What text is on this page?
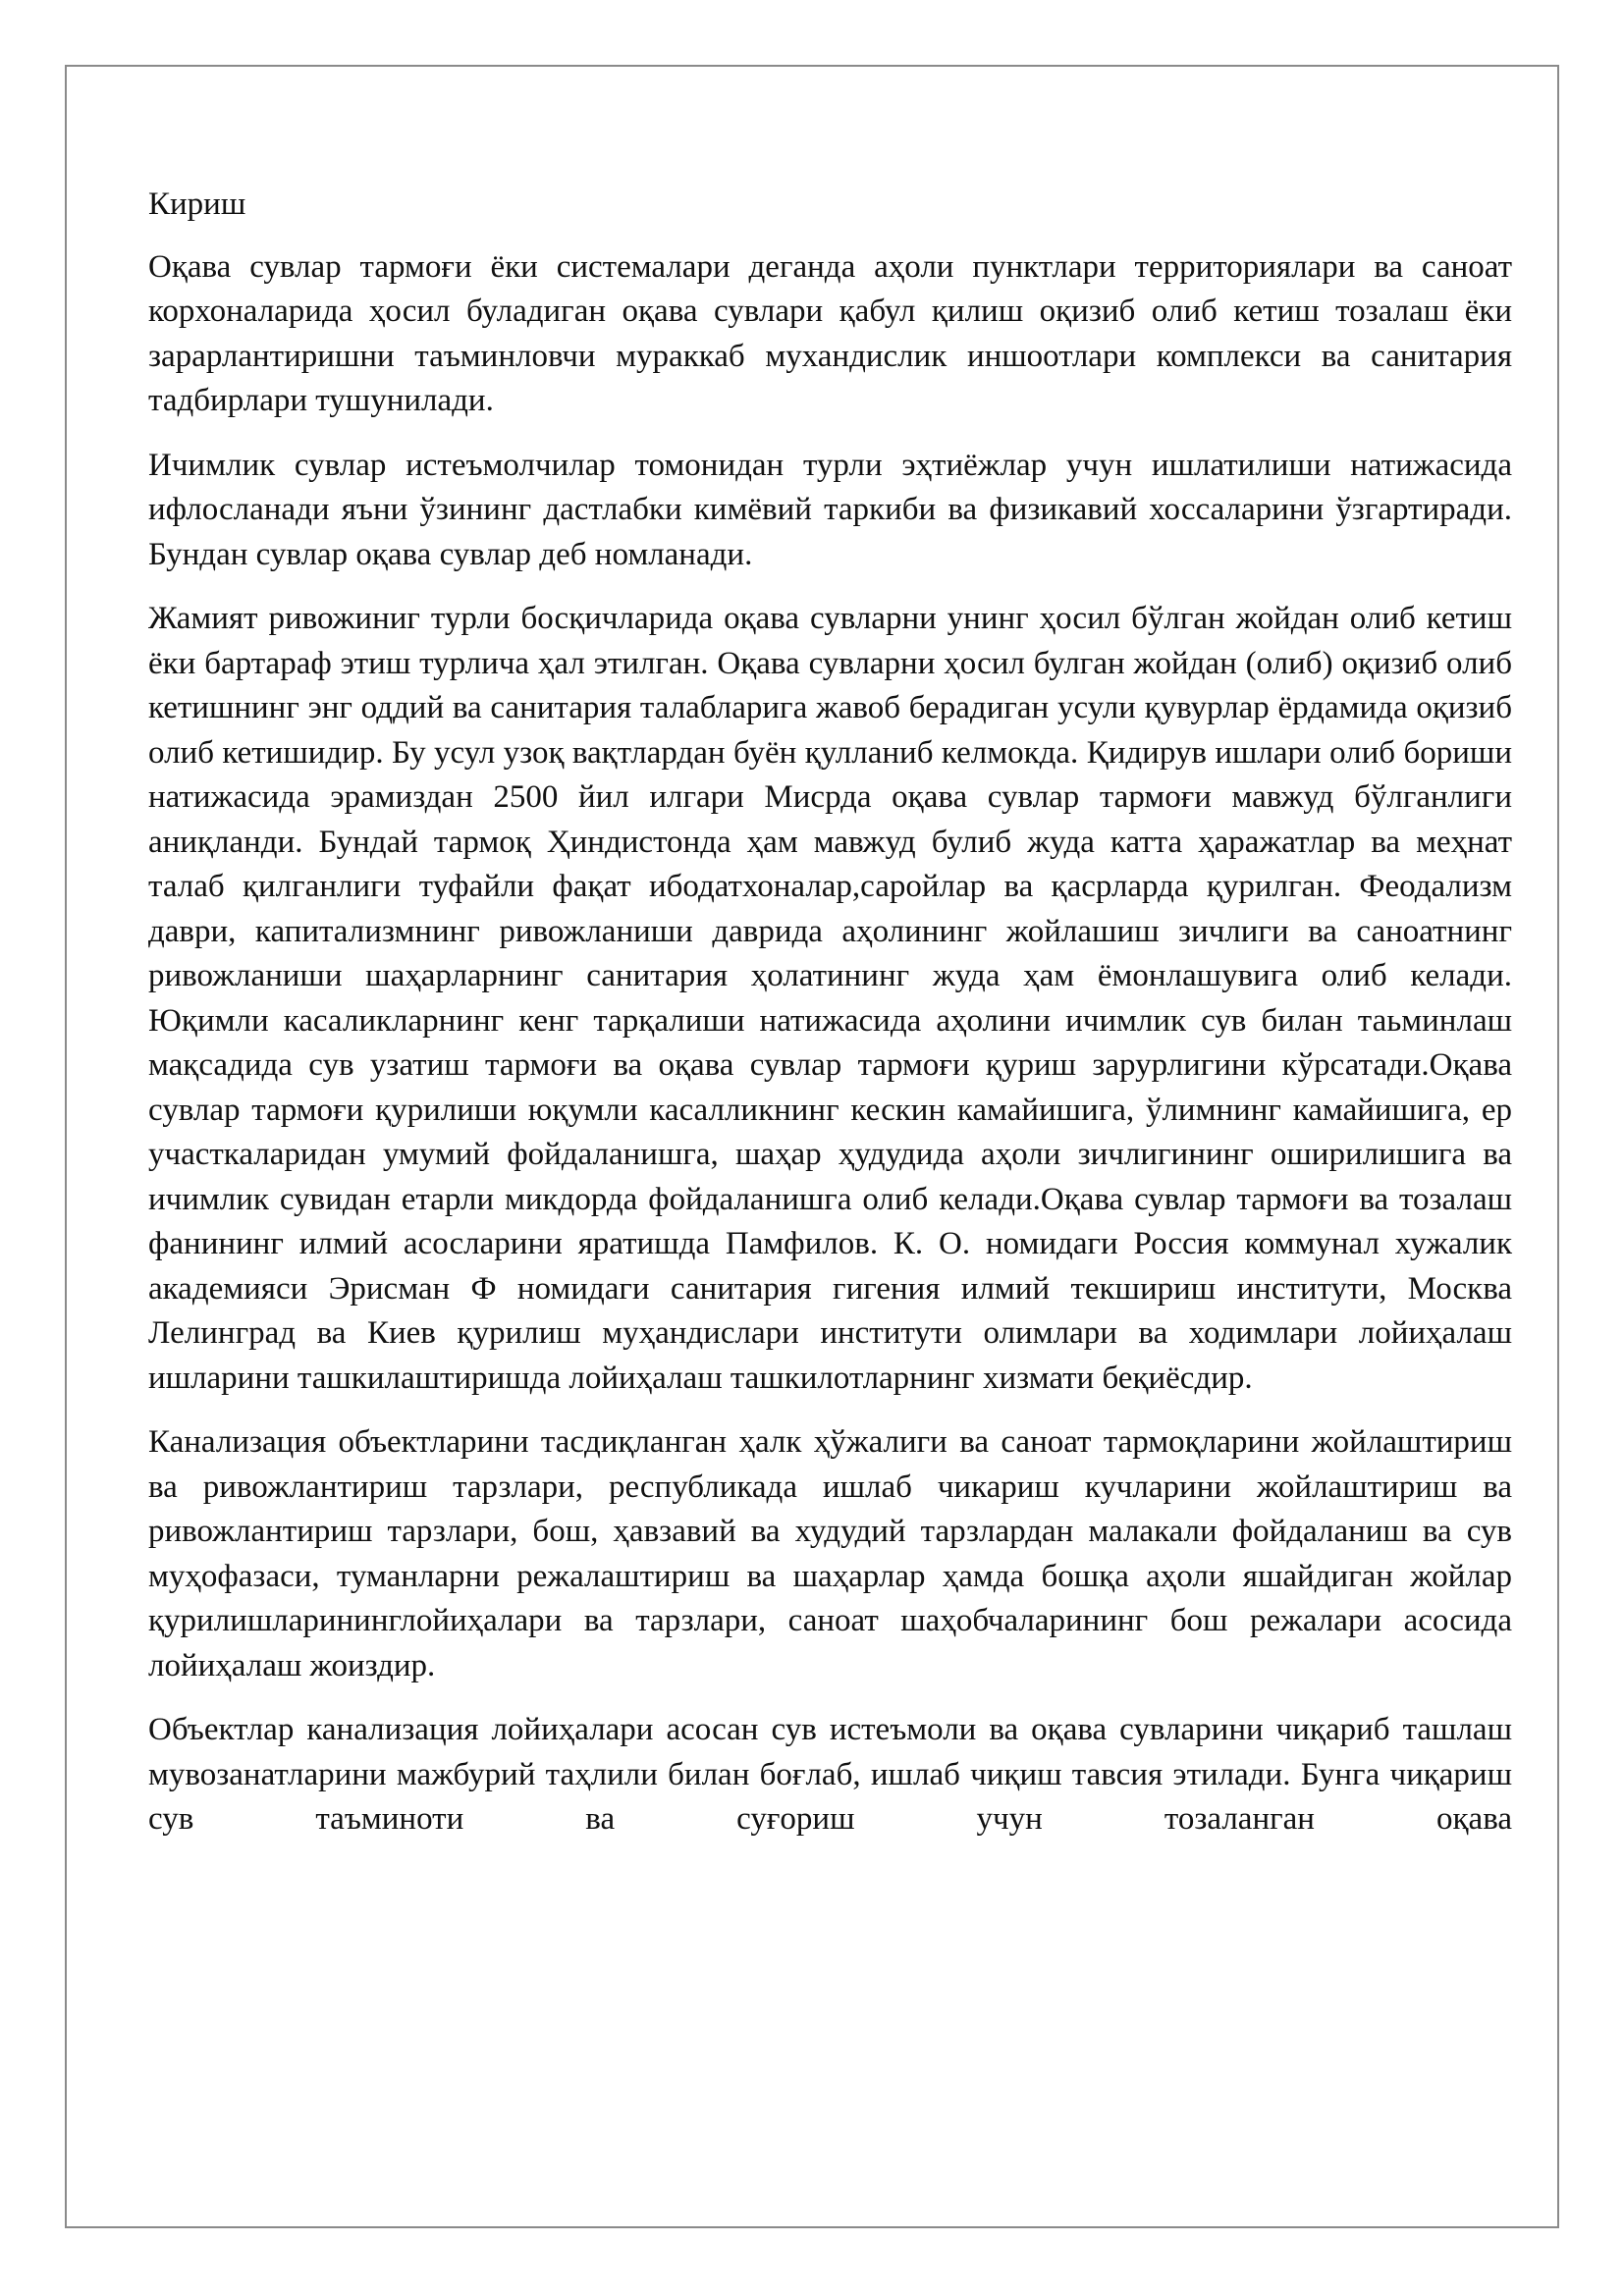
Кириш

Оқава сувлар тармоғи ёки системалари деганда аҳоли пунктлари территориялари ва саноат корхоналарида ҳосил буладиган оқава сувлари қабул қилиш оқизиб олиб кетиш тозалаш ёки зарарлантиришни таъминловчи мураккаб мухандислик иншоотлари комплекси ва санитария тадбирлари тушунилади.

Ичимлик сувлар истеъмолчилар томонидан турли эҳтиёжлар учун ишлатилиши натижасида ифлосланади яъни ўзининг дастлабки кимёвий таркиби ва физикавий хоссаларини ўзгартиради. Бундан сувлар оқава сувлар деб номланади.

Жамият ривожиниг турли босқичларида оқава сувларни унинг ҳосил бўлган жойдан олиб кетиш ёки бартараф этиш турлича ҳал этилган. Оқава сувларни ҳосил булган жойдан (олиб) оқизиб олиб кетишнинг энг оддий ва санитария талабларига жавоб берадиган усули қувурлар ёрдамида оқизиб олиб кетишидир. Бу усул узоқ вақтлардан буён қулланиб келмокда. Қидирув ишлари олиб бориши натижасида эрамиздан 2500 йил илгари Мисрда оқава сувлар тармоғи мавжуд бўлганлиги аниқланди. Бундай тармоқ Ҳиндистонда ҳам мавжуд булиб жуда катта ҳаражатлар ва меҳнат талаб қилганлиги туфайли фақат ибодатхоналар,саройлар ва қасрларда қурилган. Феодализм даври, капитализмнинг ривожланиши даврида аҳолининг жойлашиш зичлиги ва саноатнинг ривожланиши шаҳарларнинг санитария ҳолатининг жуда ҳам ёмонлашувига олиб келади. Юқимли касаликларнинг кенг тарқалиши натижасида аҳолини ичимлик сув билан таьминлаш мақсадида сув узатиш тармоғи ва оқава сувлар тармоғи қуриш зарурлигини кўрсатади.Оқава сувлар тармоғи қурилиши юқумли касалликнинг кескин камайишига, ўлимнинг камайишига, ер участкаларидан умумий фойдаланишга, шаҳар ҳудудида аҳоли зичлигининг оширилишига ва ичимлик сувидан етарли микдорда фойдаланишга олиб келади.Оқава сувлар тармоғи ва тозалаш фанининг илмий асосларини яратишда Памфилов. К. О. номидаги Россия коммунал хужалик академияси Эрисман Ф номидаги санитария гигения илмий текшириш институти, Москва Лелинград ва Киев қурилиш муҳандислари институти олимлари ва ходимлари лойиҳалаш ишларини ташкилаштиришда лойиҳалаш ташкилотларнинг хизмати беқиёсдир.

Канализация объектларини тасдиқланган ҳалк ҳўжалиги ва саноат тармоқларини жойлаштириш ва ривожлантириш тарзлари, республикада ишлаб чикариш кучларини жойлаштириш ва ривожлантириш тарзлари, бош, ҳавзавий ва худудий тарзлардан малакали фойдаланиш ва сув муҳофазаси, туманларни режалаштириш ва шаҳарлар ҳамда бошқа аҳоли яшайдиган жойлар қурилишларининглойиҳалари ва тарзлари, саноат шаҳобчаларининг бош режалари асосида лойиҳалаш жоиздир.

Объектлар канализация лойиҳалари асосан сув истеъмоли ва оқава сувларини чиқариб ташлаш мувозанатларини мажбурий таҳлили билан боғлаб, ишлаб чиқиш тавсия этилади. Бунга чиқариш сув таъминоти ва суғориш учун тозаланган оқава
